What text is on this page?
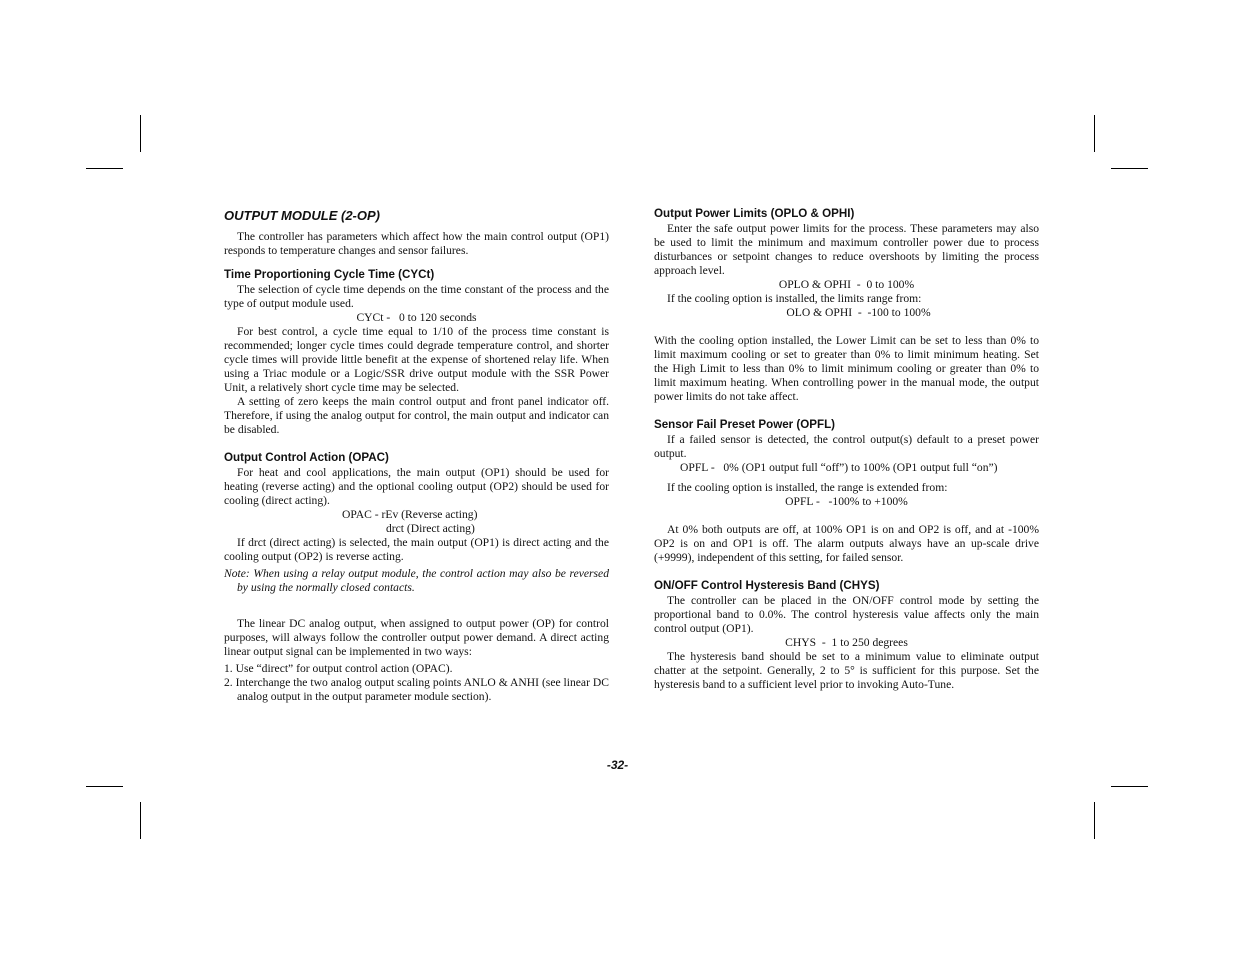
OUTPUT MODULE (2-OP)

The controller has parameters which affect how the main control output (OP1) responds to temperature changes and sensor failures.

Time Proportioning Cycle Time (CYCt)

The selection of cycle time depends on the time constant of the process and the type of output module used.

CYCt -   0 to 120 seconds

For best control, a cycle time equal to 1/10 of the process time constant is recommended; longer cycle times could degrade temperature control, and shorter cycle times will provide little benefit at the expense of shortened relay life. When using a Triac module or a Logic/SSR drive output module with the SSR Power Unit, a relatively short cycle time may be selected.

A setting of zero keeps the main control output and front panel indicator off. Therefore, if using the analog output for control, the main output and indicator can be disabled.

Output Control Action (OPAC)

For heat and cool applications, the main output (OP1) should be used for heating (reverse acting) and the optional cooling output (OP2) should be used for cooling (direct acting).

OPAC - rEv (Reverse acting)
drct (Direct acting)

If drct (direct acting) is selected, the main output (OP1) is direct acting and the cooling output (OP2) is reverse acting.

Note: When using a relay output module, the control action may also be reversed by using the normally closed contacts.

The linear DC analog output, when assigned to output power (OP) for control purposes, will always follow the controller output power demand. A direct acting linear output signal can be implemented in two ways:

1. Use “direct” for output control action (OPAC).

2. Interchange the two analog output scaling points ANLO & ANHI (see linear DC analog output in the output parameter module section).

Output Power Limits (OPLO & OPHI)

Enter the safe output power limits for the process. These parameters may also be used to limit the minimum and maximum controller power due to process disturbances or setpoint changes to reduce overshoots by limiting the process approach level.

OPLO & OPHI  -  0 to 100%

If the cooling option is installed, the limits range from:

OLO & OPHI  -  -100 to 100%

With the cooling option installed, the Lower Limit can be set to less than 0% to limit maximum cooling or set to greater than 0% to limit minimum heating. Set the High Limit to less than 0% to limit minimum cooling or greater than 0% to limit maximum heating. When controlling power in the manual mode, the output power limits do not take affect.

Sensor Fail Preset Power (OPFL)

If a failed sensor is detected, the control output(s) default to a preset power output.

OPFL -   0% (OP1 output full “off”) to 100% (OP1 output full “on”)

If the cooling option is installed, the range is extended from:

OPFL -   -100% to +100%

At 0% both outputs are off, at 100% OP1 is on and OP2 is off, and at -100% OP2 is on and OP1 is off. The alarm outputs always have an up-scale drive (+9999), independent of this setting, for failed sensor.

ON/OFF Control Hysteresis Band (CHYS)

The controller can be placed in the ON/OFF control mode by setting the proportional band to 0.0%. The control hysteresis value affects only the main control output (OP1).

CHYS  -  1 to 250 degrees

The hysteresis band should be set to a minimum value to eliminate output chatter at the setpoint. Generally, 2 to 5° is sufficient for this purpose. Set the hysteresis band to a sufficient level prior to invoking Auto-Tune.

-32-
